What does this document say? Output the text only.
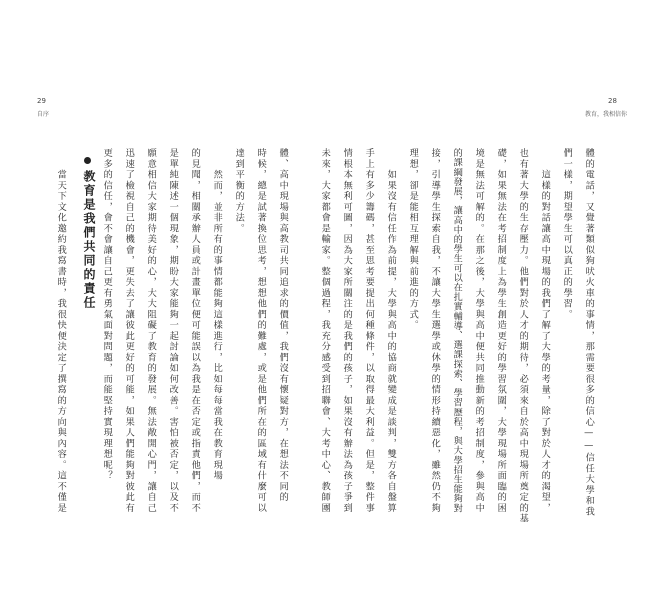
28
教育，我相信你
29
自序
體的電話，又覺著類似狗吠火車的事情，那需要很多的信心——信任大學和我
們一樣，期望學生可以真正的學習。
　　這樣的對話讓高中現場的我們了解了大學的考量，除了對於人才的渴望，
也有著大學的生存壓力。他們對於人才的期待，必須來自於高中現場所奠定的基
礎，如果無法在考招制度上為學生創造更好的學習氛圍，大學現場所面臨的困
境是無法可解的。在那之後，大學與高中便共同推動新的考招制度，參與高中
的課綱發展，讓高中的學生可以在扎實輔導、選課探索、學習歷程，與大學招生能夠對
接，引導學生探索自我，不讓大學生選學或休學的情形持續惡化，雖然仍不夠
理想，卻是能相互理解與前進的方式。
　　如果沒有信任作為前提，大學與高中的協商就變成是談判，雙方各自盤算
手上有多少籌碼，甚至思考要提出何種條件，以取得最大利益。但是，整件事
情根本無利可圖，因為大家所關注的是我們的孩子，如果沒有辦法為孩子爭到
未來，大家都會是輸家。整個過程，我充分感受到招聯會、大考中心、教師團
體、高中現場與高教司共同追求的價值，我們沒有懷疑對方，在想法不同的
時候，總是試著換位思考，想想他們的難處，或是他們所在的區域有什麼可以
達到平衡的方法。
　　然而，並非所有的事情都能夠這樣進行，比如每每當我在教育現場
的見聞，相關承辦人員或計畫單位便可能誤以為我是在否定或指責他們，而不
是單純陳述一個現象，期盼大家能夠一起討論如何改善。害怕被否定，以及不
願意相信大家期待美好的心，大大阻礙了教育的發展。無法敞開心門，讓自己
迅速了檢視自己的機會，更失去了讓彼此更好的可能，如果人們能夠對彼此有
更多的信任，會不會讓自己更有勇氣面對問題，而能堅持實現理想呢？
教育是我們共同的責任
　　當天下文化邀約我寫書時，我很快便決定了撰寫的方向與內容。這不僅是
